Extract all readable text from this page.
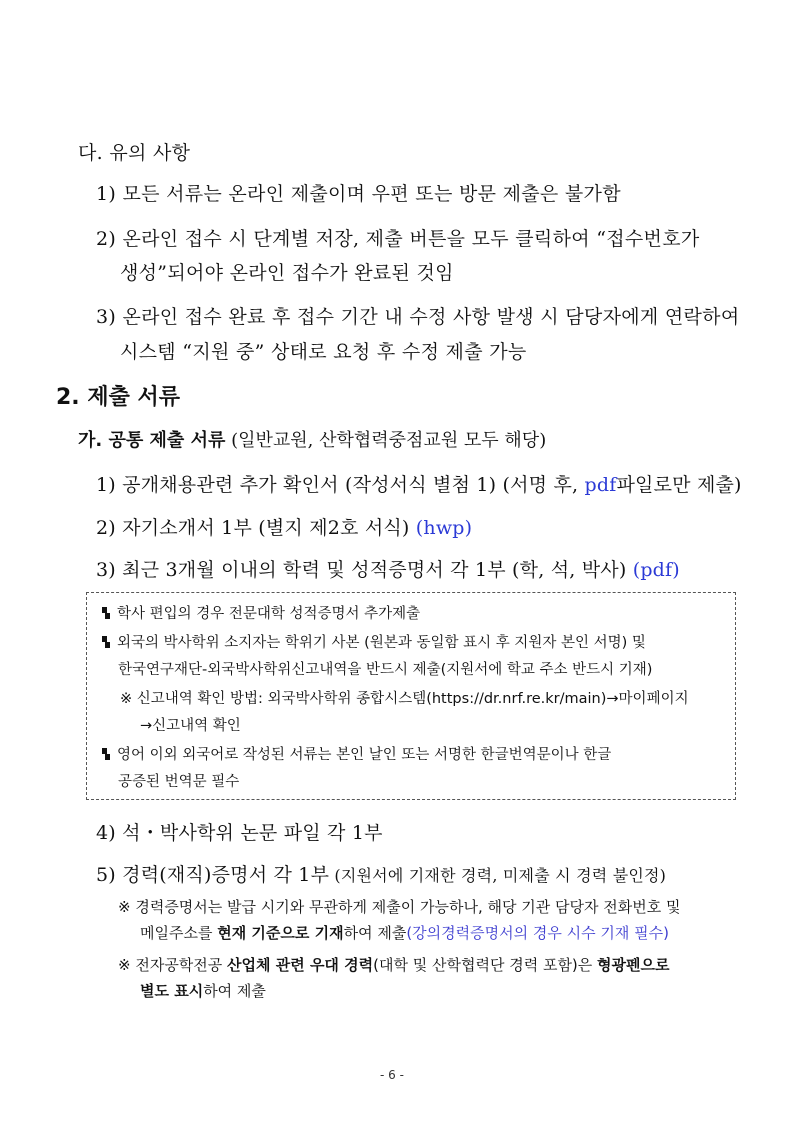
다. 유의 사항
1) 모든 서류는 온라인 제출이며 우편 또는 방문 제출은 불가함
2) 온라인 접수 시 단계별 저장, 제출 버튼을 모두 클릭하여 “접수번호가
생성”되어야 온라인 접수가 완료된 것임
3) 온라인 접수 완료 후 접수 기간 내 수정 사항 발생 시 담당자에게 연락하여
시스템 “지원 중” 상태로 요청 후 수정 제출 가능
2. 제출 서류
가. 공통 제출 서류 (일반교원, 산학협력중점교원 모두 해당)
1) 공개채용관련 추가 확인서 (작성서식 별첨 1) (서명 후, pdf파일로만 제출)
2) 자기소개서 1부 (별지 제2호 서식) (hwp)
3) 최근 3개월 이내의 학력 및 성적증명서 각 1부 (학, 석, 박사) (pdf)
학사 편입의 경우 전문대학 성적증명서 추가제출
외국의 박사학위 소지자는 학위기 사본 (원본과 동일함 표시 후 지원자 본인 서명) 및
한국연구재단-외국박사학위신고내역을 반드시 제출(지원서에 학교 주소 반드시 기재)
※ 신고내역 확인 방법: 외국박사학위 종합시스템(https://dr.nrf.re.kr/main)→마이페이지
→신고내역 확인
영어 이외 외국어로 작성된 서류는 본인 날인 또는 서명한 한글번역문이나 한글
공증된 번역문 필수
4) 석・박사학위 논문 파일 각 1부
5) 경력(재직)증명서 각 1부 (지원서에 기재한 경력, 미제출 시 경력 불인정)
※ 경력증명서는 발급 시기와 무관하게 제출이 가능하나, 해당 기관 담당자 전화번호 및
메일주소를 현재 기준으로 기재하여 제출(강의경력증명서의 경우 시수 기재 필수)
※ 전자공학전공 산업체 관련 우대 경력(대학 및 산학협력단 경력 포함)은 형광펜으로
별도 표시하여 제출
- 6 -
